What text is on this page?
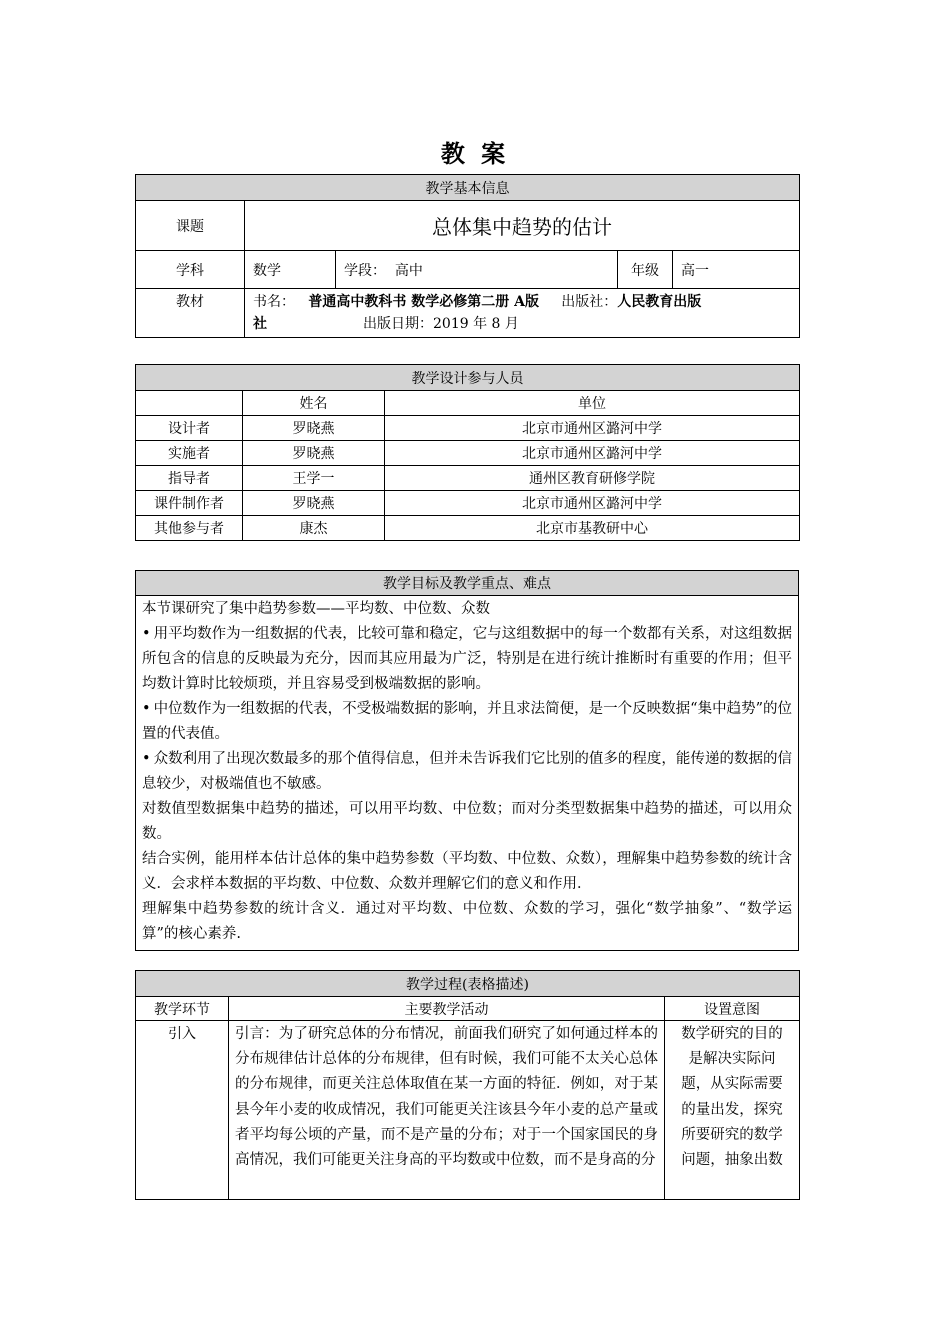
教 案
教学基本信息				
课题	总体集中趋势的估计			
学科	数学	学段： 高中	年级	高一
教材	书名： 普通高中教科书 数学必修第二册 A版 出版社：人民教育出版
社 出版日期：2019 年 8 月			
教学设计参与人员		
	姓名	单位
设计者	罗晓燕	北京市通州区潞河中学
实施者	罗晓燕	北京市通州区潞河中学
指导者	王学一	通州区教育研修学院
课件制作者	罗晓燕	北京市通州区潞河中学
其他参与者	康杰	北京市基教研中心
教学目标及教学重点、难点

本节课研究了集中趋势参数——平均数、中位数、众数

• 用平均数作为一组数据的代表，比较可靠和稳定，它与这组数据中的每一个数都有关系，对这组数据所包含的信息的反映最为充分，因而其应用最为广泛，特别是在进行统计推断时有重要的作用；但平均数计算时比较烦琐，并且容易受到极端数据的影响。

• 中位数作为一组数据的代表，不受极端数据的影响，并且求法简便，是一个反映数据“集中趋势”的位置的代表值。

• 众数利用了出现次数最多的那个值得信息，但并未告诉我们它比别的值多的程度，能传递的数据的信息较少，对极端值也不敏感。

对数值型数据集中趋势的描述，可以用平均数、中位数；而对分类型数据集中趋势的描述，可以用众数。

结合实例，能用样本估计总体的集中趋势参数（平均数、中位数、众数），理解集中趋势参数的统计含义．会求样本数据的平均数、中位数、众数并理解它们的意义和作用．

理解集中趋势参数的统计含义．通过对平均数、中位数、众数的学习，强化“数学抽象”、“数学运算”的核心素养.

教学过程(表格描述)		
教学环节	主要教学活动	设置意图
引入	引言：为了研究总体的分布情况，前面我们研究了如何通过样本的分布规律估计总体的分布规律，但有时候，我们可能不太关心总体的分布规律，而更关注总体取值在某一方面的特征．例如，对于某县今年小麦的收成情况，我们可能更关注该县今年小麦的总产量或者平均每公顷的产量，而不是产量的分布；对于一个国家国民的身高情况，我们可能更关注身高的平均数或中位数，而不是身高的分	数学研究的目的是解决实际问题，从实际需要的量出发，探究所要研究的数学问题，抽象出数
